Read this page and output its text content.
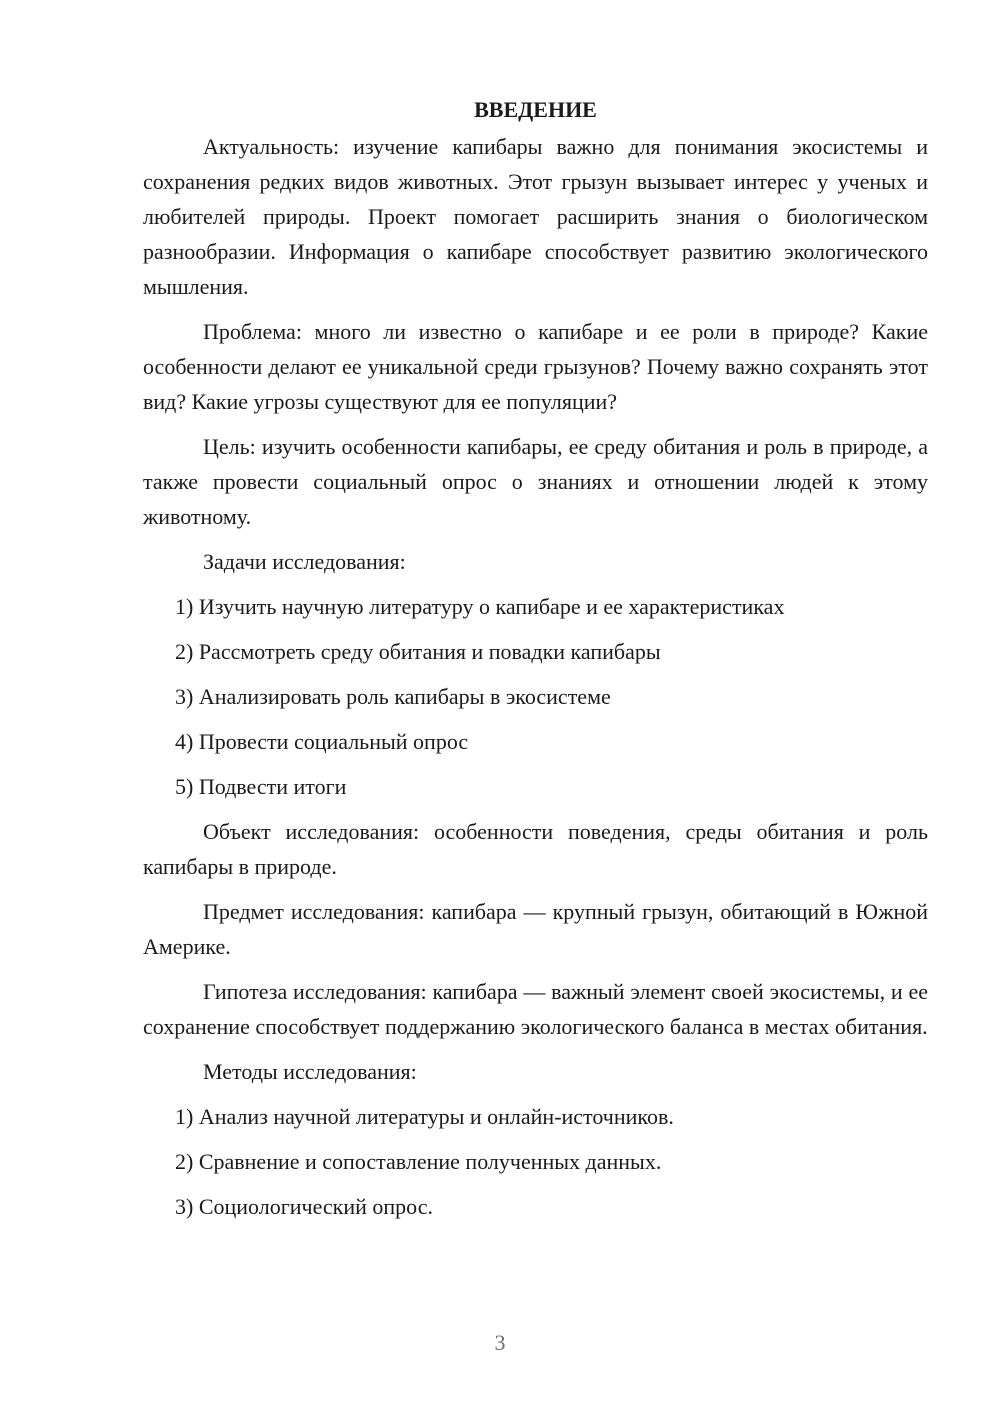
ВВЕДЕНИЕ

Актуальность: изучение капибары важно для понимания экосистемы и сохранения редких видов животных. Этот грызун вызывает интерес у ученых и любителей природы. Проект помогает расширить знания о биологическом разнообразии. Информация о капибаре способствует развитию экологического мышления.

Проблема: много ли известно о капибаре и ее роли в природе? Какие особенности делают ее уникальной среди грызунов? Почему важно сохранять этот вид? Какие угрозы существуют для ее популяции?

Цель: изучить особенности капибары, ее среду обитания и роль в природе, а также провести социальный опрос о знаниях и отношении людей к этому животному.

Задачи исследования:

1) Изучить научную литературу о капибаре и ее характеристиках
2) Рассмотреть среду обитания и повадки капибары
3) Анализировать роль капибары в экосистеме
4) Провести социальный опрос
5) Подвести итоги

Объект исследования: особенности поведения, среды обитания и роль капибары в природе.

Предмет исследования: капибара — крупный грызун, обитающий в Южной Америке.

Гипотеза исследования: капибара — важный элемент своей экосистемы, и ее сохранение способствует поддержанию экологического баланса в местах обитания.

Методы исследования:

1) Анализ научной литературы и онлайн-источников.
2) Сравнение и сопоставление полученных данных.
3) Социологический опрос.
3
